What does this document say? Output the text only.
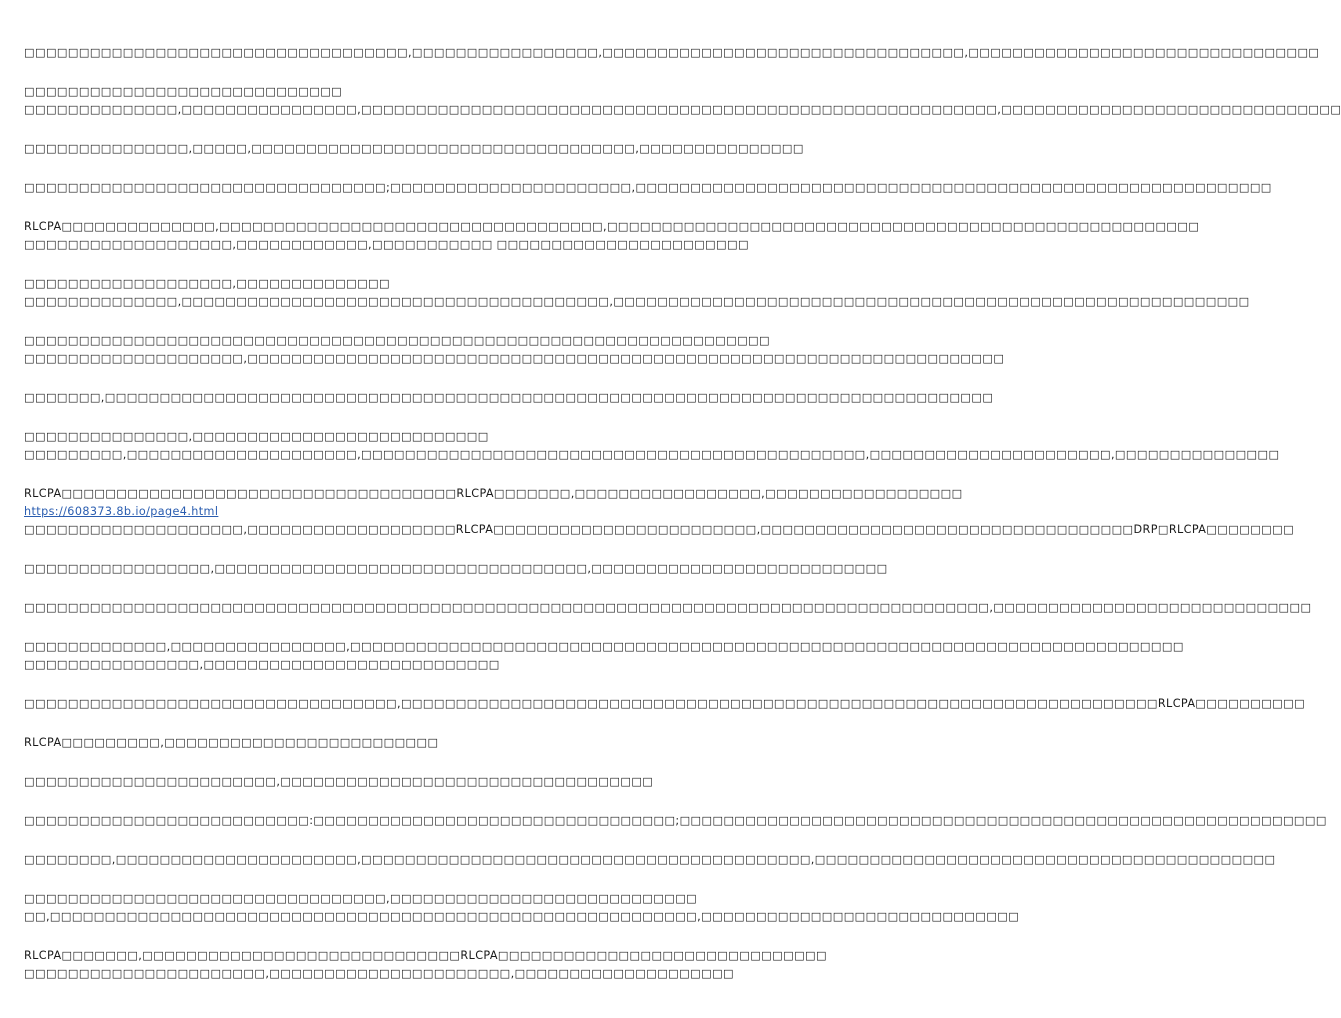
□□□□□□□□□□□□□□□□□□□□□□□□□□□□□□□□□□□,□□□□□□□□□□□□□□□□□,□□□□□□□□□□□□□□□□□□□□□□□□□□□□□□□□□,□□□□□□□□□□□□□□□□□□□□□□□□□□□□□□□□
□□□□□□□□□□□□□□□□□□□□□□□□□□□□□
□□□□□□□□□□□□□□,□□□□□□□□□□□□□□□□,□□□□□□□□□□□□□□□□□□□□□□□□□□□□□□□□□□□□□□□□□□□□□□□□□□□□□□□□□□,□□□□□□□□□□□□□□□□□□□□□□□□□□□□□□□
□□□□□□□□□□□□□□□,□□□□□,□□□□□□□□□□□□□□□□□□□□□□□□□□□□□□□□□□□,□□□□□□□□□□□□□□□
□□□□□□□□□□□□□□□□□□□□□□□□□□□□□□□□□;□□□□□□□□□□□□□□□□□□□□□□,□□□□□□□□□□□□□□□□□□□□□□□□□□□□□□□□□□□□□□□□□□□□□□□□□□□□□□□□□□
RLCPA□□□□□□□□□□□□□□,□□□□□□□□□□□□□□□□□□□□□□□□□□□□□□□□□□□,□□□□□□□□□□□□□□□□□□□□□□□□□□□□□□□□□□□□□□□□□□□□□□□□□□□□□□
□□□□□□□□□□□□□□□□□□□,□□□□□□□□□□□□,□□□□□□□□□□□ □□□□□□□□□□□□□□□□□□□□□□□
□□□□□□□□□□□□□□□□□□□,□□□□□□□□□□□□□□
□□□□□□□□□□□□□□,□□□□□□□□□□□□□□□□□□□□□□□□□□□□□□□□□□□□□□□,□□□□□□□□□□□□□□□□□□□□□□□□□□□□□□□□□□□□□□□□□□□□□□□□□□□□□□□□□□
□□□□□□□□□□□□□□□□□□□□□□□□□□□□□□□□□□□□□□□□□□□□□□□□□□□□□□□□□□□□□□□□□□□□
□□□□□□□□□□□□□□□□□□□□,□□□□□□□□□□□□□□□□□□□□□□□□□□□□□□□□□□□□□□□□□□□□□□□□□□□□□□□□□□□□□□□□□□□□□
□□□□□□□,□□□□□□□□□□□□□□□□□□□□□□□□□□□□□□□□□□□□□□□□□□□□□□□□□□□□□□□□□□□□□□□□□□□□□□□□□□□□□□□□□
□□□□□□□□□□□□□□□,□□□□□□□□□□□□□□□□□□□□□□□□□□□
□□□□□□□□□,□□□□□□□□□□□□□□□□□□□□□,□□□□□□□□□□□□□□□□□□□□□□□□□□□□□□□□□□□□□□□□□□□□□□,□□□□□□□□□□□□□□□□□□□□□□,□□□□□□□□□□□□□□□
RLCPA□□□□□□□□□□□□□□□□□□□□□□□□□□□□□□□□□□□□RLCPA□□□□□□□,□□□□□□□□□□□□□□□□□,□□□□□□□□□□□□□□□□□□
https://608373.8b.io/page4.html
□□□□□□□□□□□□□□□□□□□□,□□□□□□□□□□□□□□□□□□□RLCPA□□□□□□□□□□□□□□□□□□□□□□□□,□□□□□□□□□□□□□□□□□□□□□□□□□□□□□□□□□□DRP□RLCPA□□□□□□□□
□□□□□□□□□□□□□□□□□,□□□□□□□□□□□□□□□□□□□□□□□□□□□□□□□□□□,□□□□□□□□□□□□□□□□□□□□□□□□□□□
□□□□□□□□□□□□□□□□□□□□□□□□□□□□□□□□□□□□□□□□□□□□□□□□□□□□□□□□□□□□□□□□□□□□□□□□□□□□□□□□□□□□□□□□,□□□□□□□□□□□□□□□□□□□□□□□□□□□□□
□□□□□□□□□□□□□,□□□□□□□□□□□□□□□□,□□□□□□□□□□□□□□□□□□□□□□□□□□□□□□□□□□□□□□□□□□□□□□□□□□□□□□□□□□□□□□□□□□□□□□□□□□□□
□□□□□□□□□□□□□□□□,□□□□□□□□□□□□□□□□□□□□□□□□□□□
□□□□□□□□□□□□□□□□□□□□□□□□□□□□□□□□□□,□□□□□□□□□□□□□□□□□□□□□□□□□□□□□□□□□□□□□□□□□□□□□□□□□□□□□□□□□□□□□□□□□□□□□RLCPA□□□□□□□□□□
RLCPA□□□□□□□□□,□□□□□□□□□□□□□□□□□□□□□□□□□
□□□□□□□□□□□□□□□□□□□□□□□,□□□□□□□□□□□□□□□□□□□□□□□□□□□□□□□□□□
□□□□□□□□□□□□□□□□□□□□□□□□□□:□□□□□□□□□□□□□□□□□□□□□□□□□□□□□□□□□;□□□□□□□□□□□□□□□□□□□□□□□□□□□□□□□□□□□□□□□□□□□□□□□□□□□□□□□□□□□
□□□□□□□□,□□□□□□□□□□□□□□□□□□□□□□,□□□□□□□□□□□□□□□□□□□□□□□□□□□□□□□□□□□□□□□□□,□□□□□□□□□□□□□□□□□□□□□□□□□□□□□□□□□□□□□□□□□□
□□□□□□□□□□□□□□□□□□□□□□□□□□□□□□□□□,□□□□□□□□□□□□□□□□□□□□□□□□□□□□
□□,□□□□□□□□□□□□□□□□□□□□□□□□□□□□□□□□□□□□□□□□□□□□□□□□□□□□□□□□□□□,□□□□□□□□□□□□□□□□□□□□□□□□□□□□□
RLCPA□□□□□□□,□□□□□□□□□□□□□□□□□□□□□□□□□□□□□RLCPA□□□□□□□□□□□□□□□□□□□□□□□□□□□□□□
□□□□□□□□□□□□□□□□□□□□□□,□□□□□□□□□□□□□□□□□□□□□□,□□□□□□□□□□□□□□□□□□□□
